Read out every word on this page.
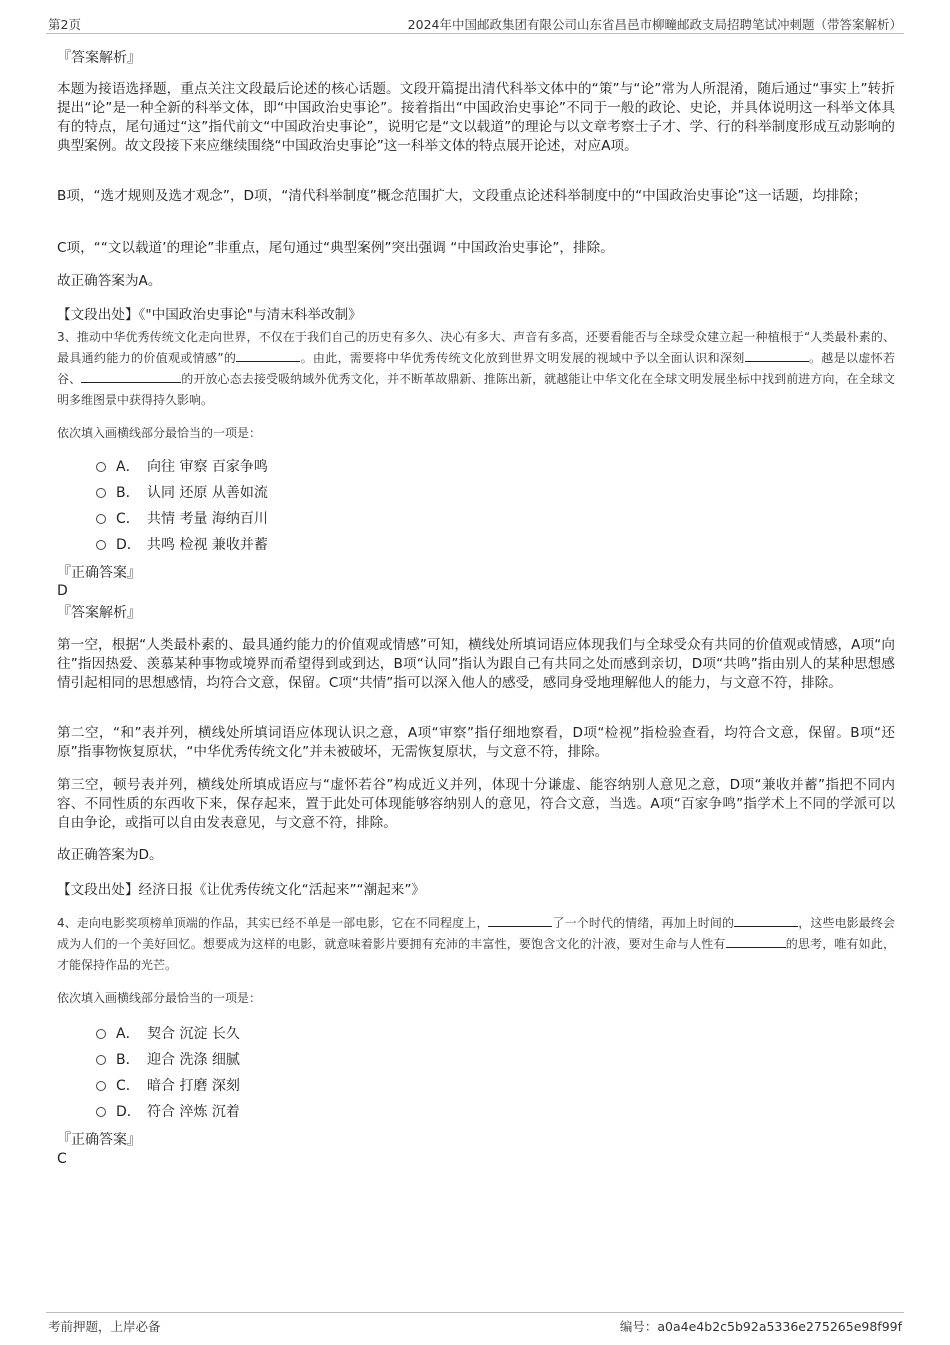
第2页	2024年中国邮政集团有限公司山东省昌邑市柳疃邮政支局招聘笔试冲刺题（带答案解析）
『答案解析』
本题为接语选择题，重点关注文段最后论述的核心话题。文段开篇提出清代科举文体中的“策”与“论”常为人所混淆，随后通过“事实上”转折提出“论”是一种全新的科举文体，即“中国政治史事论”。接着指出“中国政治史事论”不同于一般的政论、史论，并具体说明这一科举文体具有的特点，尾句通过“这”指代前文“中国政治史事论”，说明它是“文以载道”的理论与以文章考察士子才、学、行的科举制度形成互动影响的典型案例。故文段接下来应继续围绕“中国政治史事论”这一科举文体的特点展开论述，对应A项。
B项，“选才规则及选才观念”，D项，“清代科举制度”概念范围扩大，文段重点论述科举制度中的“中国政治史事论”这一话题，均排除；
C项，““文以载道’的理论”非重点，尾句通过“典型案例”突出强调 “中国政治史事论”，排除。
故正确答案为A。
【文段出处】《"中国政治史事论"与清末科举改制》
3、推动中华优秀传统文化走向世界，不仅在于我们自己的历史有多久、决心有多大、声音有多高，还要看能否与全球受众建立起一种植根于“人类最朴素的、最具通约能力的价值观或情感”的	。由此，需要将中华优秀传统文化放到世界文明发展的视域中予以全面认识和深刻	。越是以虚怀若谷、	的开放心态去接受吸纳域外优秀文化，并不断革故鼎新、推陈出新，就越能让中华文化在全球文明发展坐标中找到前进方向，在全球文明多维图景中获得持久影响。
依次填入画横线部分最恰当的一项是：
A． 向往 审察 百家争鸣
B． 认同 还原 从善如流
C． 共情 考量 海纳百川
D． 共鸣 检视 兼收并蓄
『正确答案』
D
『答案解析』
第一空，根据“人类最朴素的、最具通约能力的价值观或情感”可知，横线处所填词语应体现我们与全球受众有共同的价值观或情感，A项“向往”指因热爱、羡慕某种事物或境界而希望得到或到达，B项“认同”指认为跟自己有共同之处而感到亲切，D项“共鸣”指由别人的某种思想感情引起相同的思想感情，均符合文意，保留。C项“共情”指可以深入他人的感受，感同身受地理解他人的能力，与文意不符，排除。
第二空，“和”表并列，横线处所填词语应体现认识之意，A项“审察”指仔细地察看，D项“检视”指检验查看，均符合文意，保留。B项“还原”指事物恢复原状，“中华优秀传统文化”并未被破坏，无需恢复原状，与文意不符，排除。
第三空，顿号表并列，横线处所填成语应与“虚怀若谷”构成近义并列，体现十分谦虚、能容纳别人意见之意，D项“兼收并蓄”指把不同内容、不同性质的东西收下来，保存起来，置于此处可体现能够容纳别人的意见，符合文意，当选。A项“百家争鸣”指学术上不同的学派可以自由争论，或指可以自由发表意见，与文意不符，排除。
故正确答案为D。
【文段出处】经济日报《让优秀传统文化“活起来”“潮起来”》
4、走向电影奖项榜单顶端的作品，其实已经不单是一部电影，它在不同程度上，	了一个时代的情绪，再加上时间的	，这些电影最终会成为人们的一个美好回忆。想要成为这样的电影，就意味着影片要拥有充沛的丰富性，要饱含文化的汁液，要对生命与人性有	的思考，唯有如此，才能保持作品的光芒。
依次填入画横线部分最恰当的一项是：
A． 契合 沉淀 长久
B． 迎合 洗涤 细腻
C． 暗合 打磨 深刻
D． 符合 淬炼 沉着
『正确答案』
C
考前押题，上岸必备	编号：a0a4e4b2c5b92a5336e275265e98f99f
